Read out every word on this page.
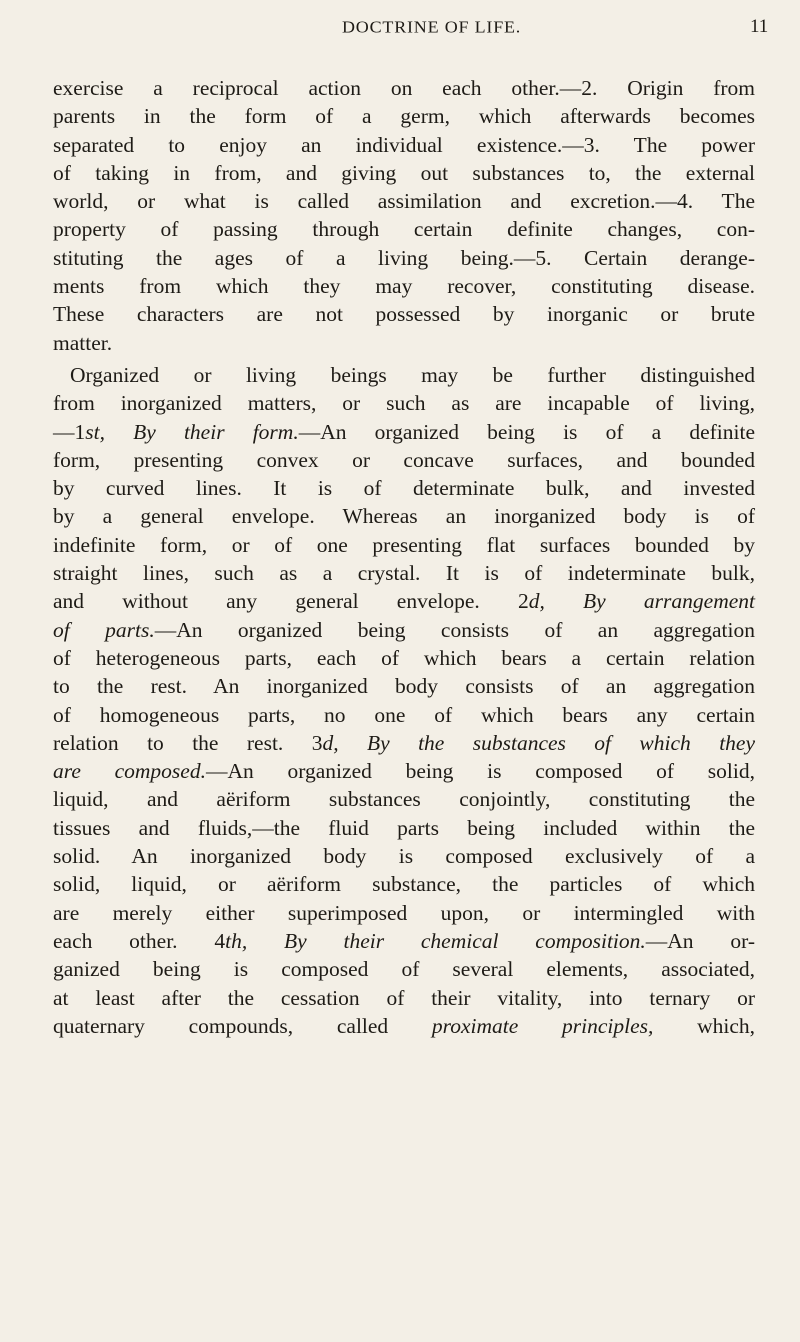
DOCTRINE OF LIFE.	11
exercise a reciprocal action on each other.—2. Origin from
parents in the form of a germ, which afterwards becomes
separated to enjoy an individual existence.—3. The power
of taking in from, and giving out substances to, the external
world, or what is called assimilation and excretion.—4. The
property of passing through certain definite changes, con-
stituting the ages of a living being.—5. Certain derange-
ments from which they may recover, constituting disease.
These characters are not possessed by inorganic or brute
matter.
Organized or living beings may be further distinguished
from inorganized matters, or such as are incapable of living,
—1st, By their form.—An organized being is of a definite
form, presenting convex or concave surfaces, and bounded
by curved lines. It is of determinate bulk, and invested
by a general envelope. Whereas an inorganized body is of
indefinite form, or of one presenting flat surfaces bounded by
straight lines, such as a crystal. It is of indeterminate bulk,
and without any general envelope. 2d, By arrangement
of parts.—An organized being consists of an aggregation
of heterogeneous parts, each of which bears a certain relation
to the rest. An inorganized body consists of an aggregation
of homogeneous parts, no one of which bears any certain
relation to the rest. 3d, By the substances of which they
are composed.—An organized being is composed of solid,
liquid, and aëriform substances conjointly, constituting the
tissues and fluids,—the fluid parts being included within the
solid. An inorganized body is composed exclusively of a
solid, liquid, or aëriform substance, the particles of which
are merely either superimposed upon, or intermingled with
each other. 4th, By their chemical composition.—An or-
ganized being is composed of several elements, associated,
at least after the cessation of their vitality, into ternary or
quaternary compounds, called proximate principles, which,
